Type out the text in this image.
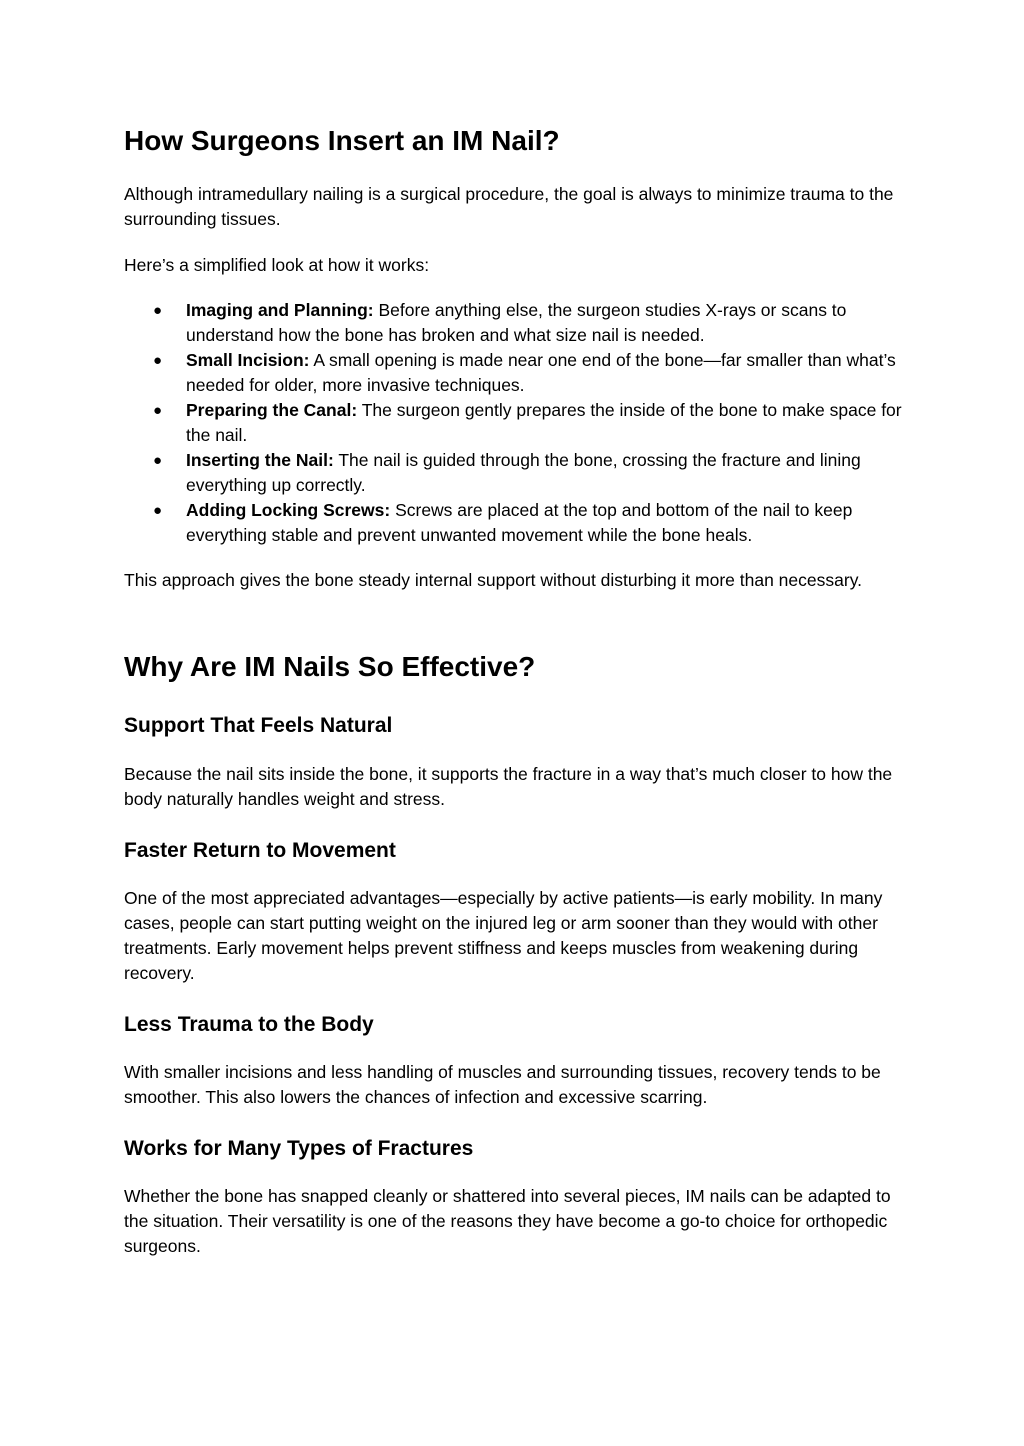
How Surgeons Insert an IM Nail?

Although intramedullary nailing is a surgical procedure, the goal is always to minimize trauma to the surrounding tissues.

Here’s a simplified look at how it works:

● Imaging and Planning: Before anything else, the surgeon studies X-rays or scans to understand how the bone has broken and what size nail is needed.
● Small Incision: A small opening is made near one end of the bone—far smaller than what’s needed for older, more invasive techniques.
● Preparing the Canal: The surgeon gently prepares the inside of the bone to make space for the nail.
● Inserting the Nail: The nail is guided through the bone, crossing the fracture and lining everything up correctly.
● Adding Locking Screws: Screws are placed at the top and bottom of the nail to keep everything stable and prevent unwanted movement while the bone heals.

This approach gives the bone steady internal support without disturbing it more than necessary.

Why Are IM Nails So Effective?
Support That Feels Natural

Because the nail sits inside the bone, it supports the fracture in a way that’s much closer to how the body naturally handles weight and stress.

Faster Return to Movement

One of the most appreciated advantages—especially by active patients—is early mobility. In many cases, people can start putting weight on the injured leg or arm sooner than they would with other treatments. Early movement helps prevent stiffness and keeps muscles from weakening during recovery.

Less Trauma to the Body

With smaller incisions and less handling of muscles and surrounding tissues, recovery tends to be smoother. This also lowers the chances of infection and excessive scarring.

Works for Many Types of Fractures

Whether the bone has snapped cleanly or shattered into several pieces, IM nails can be adapted to the situation. Their versatility is one of the reasons they have become a go-to choice for orthopedic surgeons.
